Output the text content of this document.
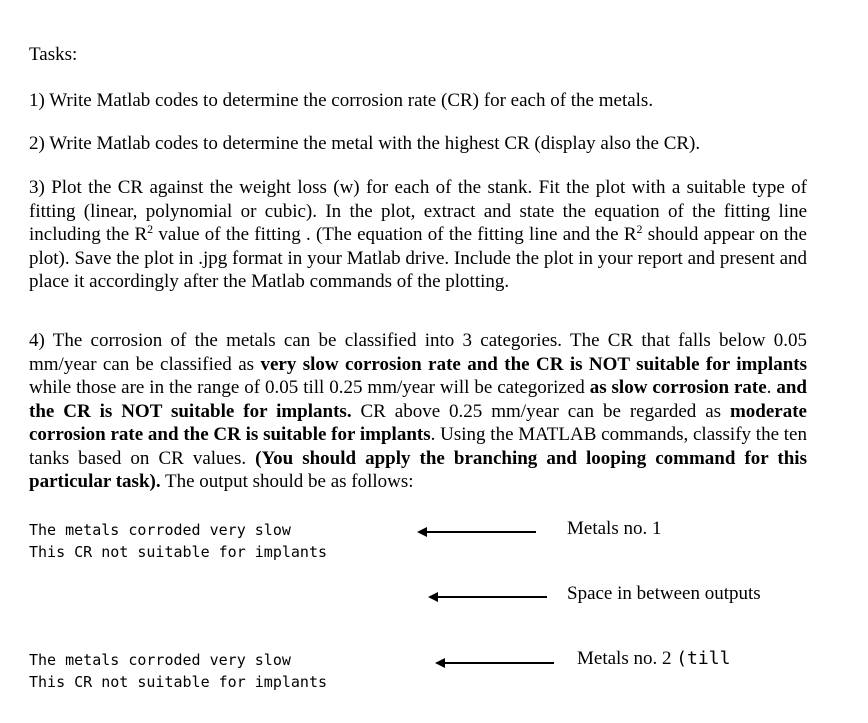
Tasks:
1) Write Matlab codes to determine the corrosion rate (CR) for each of the metals.
2) Write Matlab codes to determine the metal with the highest CR (display also the CR).
3) Plot the CR against the weight loss (w) for each of the stank. Fit the plot with a suitable type of fitting (linear, polynomial or cubic). In the plot, extract and state the equation of the fitting line including the $R^2$ value of the fitting . (The equation of the fitting line and the $R^2$ should appear on the plot). Save the plot in .jpg format in your Matlab drive. Include the plot in your report and present and place it accordingly after the Matlab commands of the plotting.
4) The corrosion of the metals can be classified into 3 categories. The CR that falls below 0.05 mm/year can be classified as very slow corrosion rate and the CR is NOT suitable for implants while those are in the range of 0.05 till 0.25 mm/year will be categorized as slow corrosion rate. and the CR is NOT suitable for implants. CR above 0.25 mm/year can be regarded as moderate corrosion rate and the CR is suitable for implants. Using the MATLAB commands, classify the ten tanks based on CR values. (You should apply the branching and looping command for this particular task). The output should be as follows:
The metals corroded very slow
This CR not suitable for implants
The metals corroded very slow
This CR not suitable for implants
Metals no. 1
Space in between outputs
Metals no. 2 (till
